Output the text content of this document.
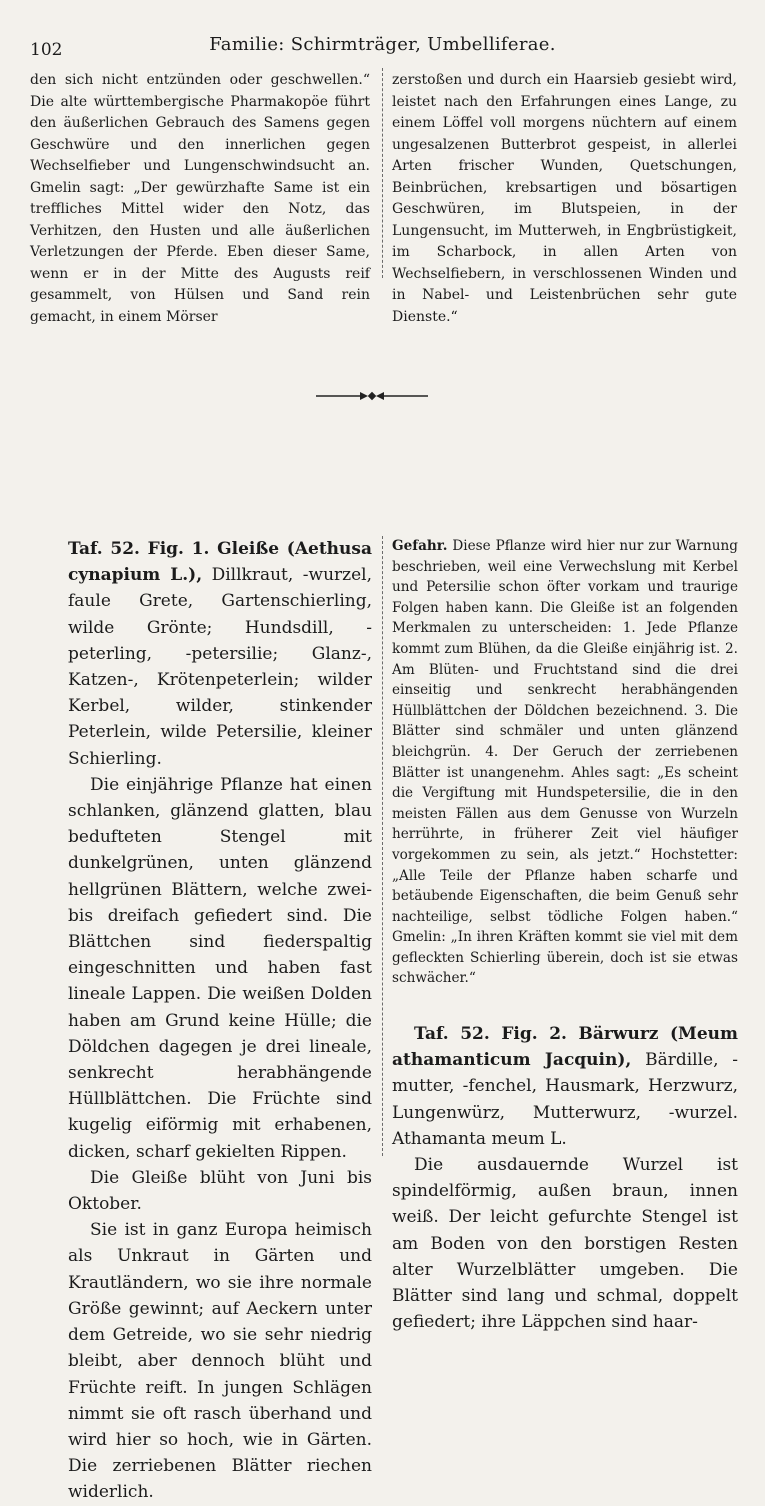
102	Familie: Schirmträger, Umbelliferae.

den sich nicht entzünden oder geschwellen.“ Die alte württembergische Pharmakopöe führt den äußerlichen Gebrauch des Samens gegen Geschwüre und den innerlichen gegen Wechselfieber und Lungenschwindsucht an. Gmelin sagt: „Der gewürzhafte Same ist ein treffliches Mittel wider den Notz, das Verhitzen, den Husten und alle äußerlichen Verletzungen der Pferde. Eben dieser Same, wenn er in der Mitte des Augusts reif gesammelt, von Hülsen und Sand rein gemacht, in einem Mörser

zerstoßen und durch ein Haarsieb gesiebt wird, leistet nach den Erfahrungen eines Lange, zu einem Löffel voll morgens nüchtern auf einem ungesalzenen Butterbrot gespeist, in allerlei Arten frischer Wunden, Quetschungen, Beinbrüchen, krebsartigen und bösartigen Geschwüren, im Blutspeien, in der Lungensucht, im Mutterweh, in Engbrüstigkeit, im Scharbock, in allen Arten von Wechselfiebern, in verschlossenen Winden und in Nabel- und Leistenbrüchen sehr gute Dienste.“

Taf. 52. Fig. 1. Gleiße (Aethusa cynapium L.), Dillkraut, -wurzel, faule Grete, Gartenschierling, wilde Grönte; Hundsdill, -peterling, -petersilie; Glanz-, Katzen-, Krötenpeterlein; wilder Kerbel, wilder, stinkender Peterlein, wilde Petersilie, kleiner Schierling.

Die einjährige Pflanze hat einen schlanken, glänzend glatten, blau bedufteten Stengel mit dunkelgrünen, unten glänzend hellgrünen Blättern, welche zwei- bis dreifach gefiedert sind. Die Blättchen sind fiederspaltig eingeschnitten und haben fast lineale Lappen. Die weißen Dolden haben am Grund keine Hülle; die Döldchen dagegen je drei lineale, senkrecht herabhängende Hüllblättchen. Die Früchte sind kugelig eiförmig mit erhabenen, dicken, scharf gekielten Rippen.

Die Gleiße blüht von Juni bis Oktober.

Sie ist in ganz Europa heimisch als Unkraut in Gärten und Krautländern, wo sie ihre normale Größe gewinnt; auf Aeckern unter dem Getreide, wo sie sehr niedrig bleibt, aber dennoch blüht und Früchte reift. In jungen Schlägen nimmt sie oft rasch überhand und wird hier so hoch, wie in Gärten. Die zerriebenen Blätter riechen widerlich.

Gefahr. Diese Pflanze wird hier nur zur Warnung beschrieben, weil eine Verwechslung mit Kerbel und Petersilie schon öfter vorkam und traurige Folgen haben kann. Die Gleiße ist an folgenden Merkmalen zu unterscheiden: 1. Jede Pflanze kommt zum Blühen, da die Gleiße einjährig ist. 2. Am Blüten- und Fruchtstand sind die drei einseitig und senkrecht herabhängenden Hüllblättchen der Döldchen bezeichnend. 3. Die Blätter sind schmäler und unten glänzend bleichgrün. 4. Der Geruch der zerriebenen Blätter ist unangenehm. Ahles sagt: „Es scheint die Vergiftung mit Hundspetersilie, die in den meisten Fällen aus dem Genusse von Wurzeln herrührte, in früherer Zeit viel häufiger vorgekommen zu sein, als jetzt.“ Hochstetter: „Alle Teile der Pflanze haben scharfe und betäubende Eigenschaften, die beim Genuß sehr nachteilige, selbst tödliche Folgen haben.“ Gmelin: „In ihren Kräften kommt sie viel mit dem gefleckten Schierling überein, doch ist sie etwas schwächer.“

Taf. 52. Fig. 2. Bärwurz (Meum athamanticum Jacquin), Bärdille, -mutter, -fenchel, Hausmark, Herzwurz, Lungenwürz, Mutterwurz, -wurzel. Athamanta meum L.

Die ausdauernde Wurzel ist spindelförmig, außen braun, innen weiß. Der leicht gefurchte Stengel ist am Boden von den borstigen Resten alter Wurzelblätter umgeben. Die Blätter sind lang und schmal, doppelt gefiedert; ihre Läppchen sind haar-
